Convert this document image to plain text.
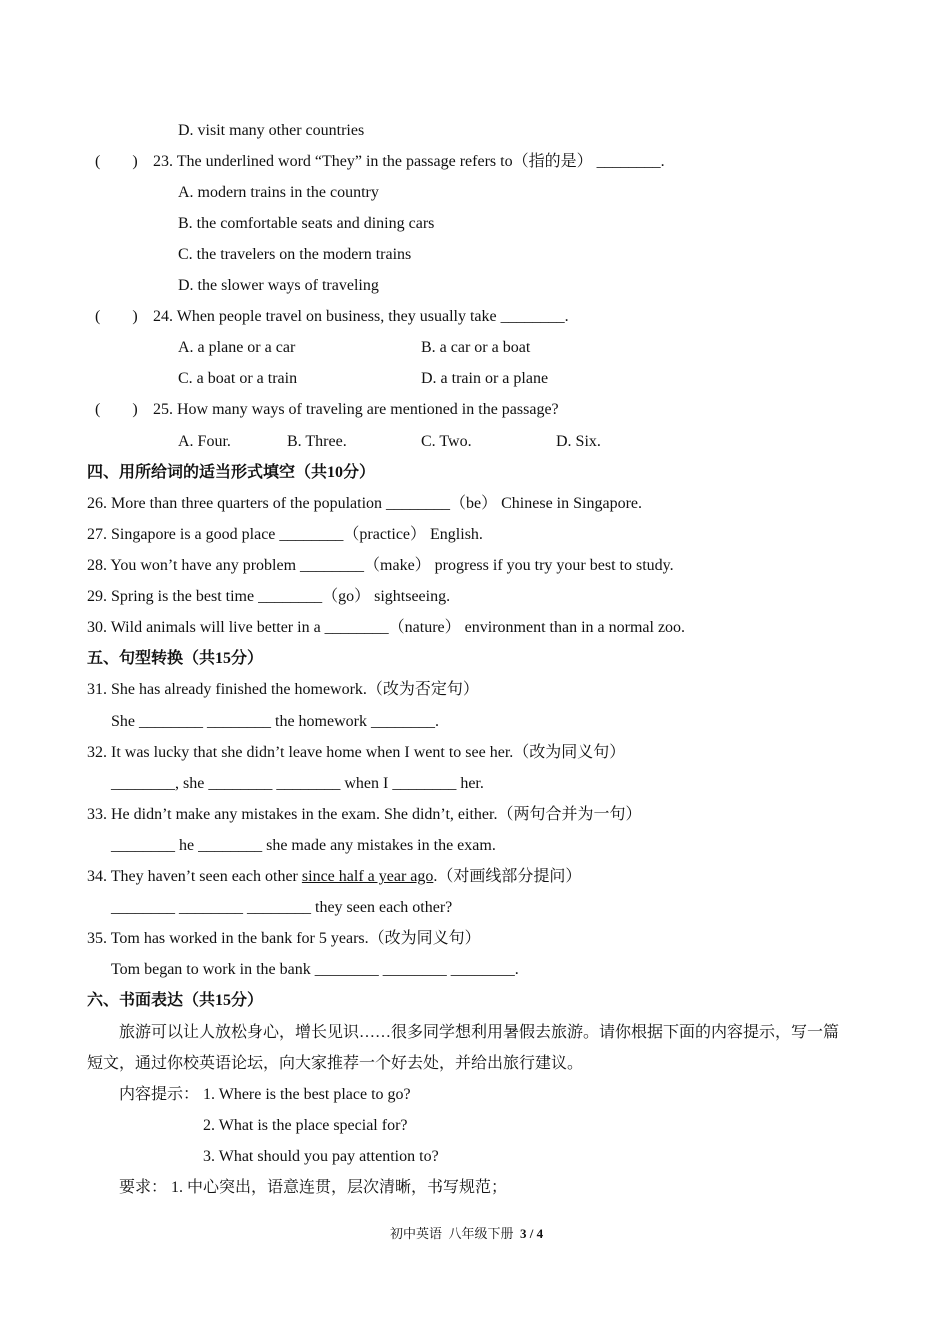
D. visit many other countries
(        ) 23. The underlined word “They” in the passage refers to（指的是） ________.
A. modern trains in the country
B. the comfortable seats and dining cars
C. the travelers on the modern trains
D. the slower ways of traveling
(        ) 24. When people travel on business, they usually take ________.
A. a plane or a car	B. a car or a boat
C. a boat or a train	D. a train or a plane
(        ) 25. How many ways of traveling are mentioned in the passage?
A. Four.	B. Three.	C. Two.	D. Six.
四、用所给词的适当形式填空（共10分）
26. More than three quarters of the population ________（be） Chinese in Singapore.
27. Singapore is a good place ________（practice） English.
28. You won’t have any problem ________（make） progress if you try your best to study.
29. Spring is the best time ________（go） sightseeing.
30. Wild animals will live better in a ________（nature） environment than in a normal zoo.
五、句型转换（共15分）
31. She has already finished the homework.（改为否定句）
She ________ ________ the homework ________.
32. It was lucky that she didn’t leave home when I went to see her.（改为同义句）
________, she ________ ________ when I ________ her.
33. He didn’t make any mistakes in the exam. She didn’t, either.（两句合并为一句）
________ he ________ she made any mistakes in the exam.
34. They haven’t seen each other since half a year ago.（对画线部分提问）
________ ________ ________ they seen each other?
35. Tom has worked in the bank for 5 years.（改为同义句）
Tom began to work in the bank ________ ________ ________.
六、书面表达（共15分）
旅游可以让人放松身心，增长见识……很多同学想利用暑假去旅游。请你根据下面的内容提示，写一篇
短文，通过你校英语论坛，向大家推荐一个好去处，并给出旅行建议。
内容提示： 1. Where is the best place to go?
2. What is the place special for?
3. What should you pay attention to?
要求： 1. 中心突出，语意连贯，层次清晰，书写规范；
初中英语  八年级下册  3 / 4
